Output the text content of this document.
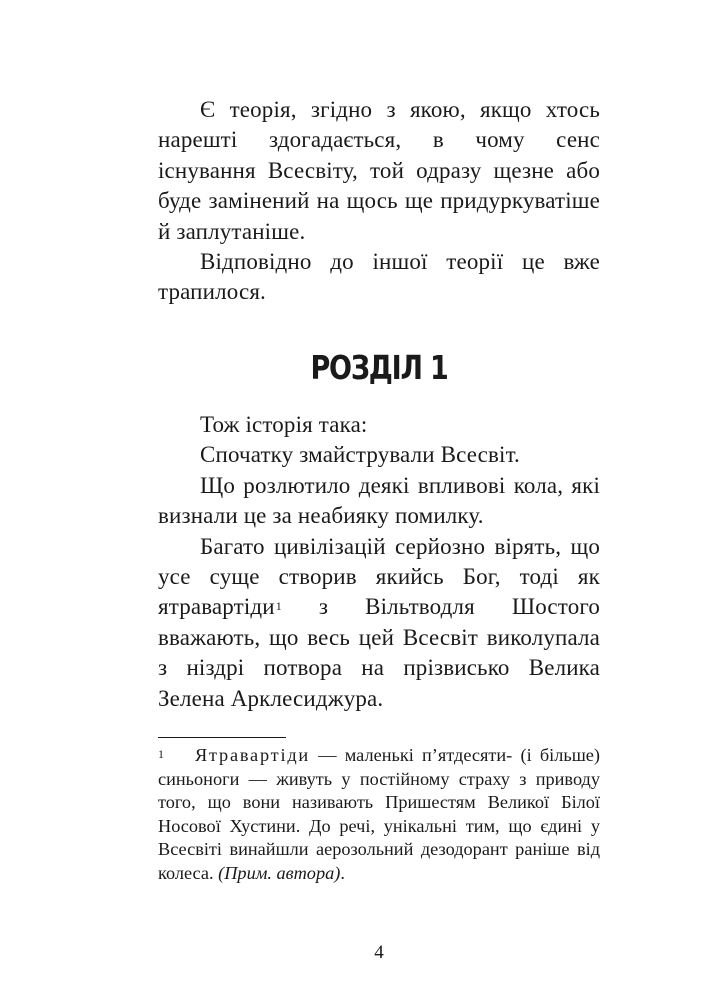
Є теорія, згідно з якою, якщо хтось нарешті здогадається, в чому сенс існування Всесвіту, той одразу щезне або буде замінений на щось ще придуркуватіше й заплутаніше.

Відповідно до іншої теорії це вже трапилося.

РОЗДІЛ 1

Тож історія така:

Спочатку змайстрували Всесвіт.

Що розлютило деякі впливові кола, які визнали це за неабияку помилку.

Багато цивілізацій серйозно вірять, що усе суще створив якийсь Бог, тоді як ятравартіди$^1$ з Вільтводля Шостого вважають, що весь цей Всесвіт виколупала з ніздрі потвора на прізвисько Велика Зелена Арклесиджура.

1 Ятравартіди — маленькі п’ятдесяти- (і більше) синьоноги — живуть у постійному страху з приводу того, що вони називають Пришестям Великої Білої Носової Хустини. До речі, унікальні тим, що єдині у Всесвіті винайшли аерозольний дезодорант раніше від колеса. (Прим. автора).

4
